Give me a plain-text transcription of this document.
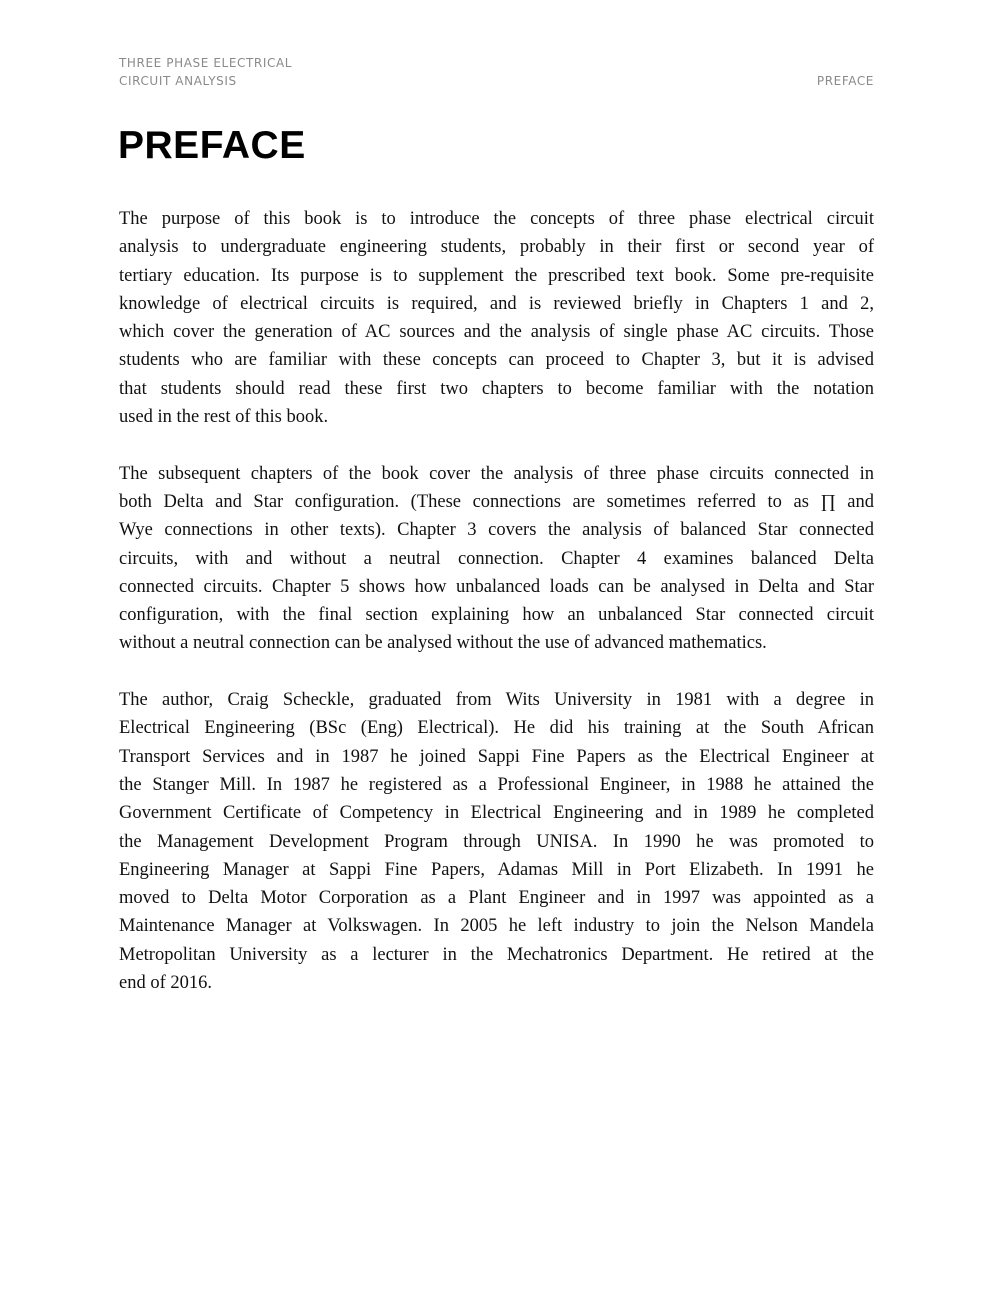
THREE PHASE ELECTRICAL
CIRCUIT ANALYSIS	PREFACE
PREFACE

The purpose of this book is to introduce the concepts of three phase electrical circuit
analysis to undergraduate engineering students, probably in their first or second year of
tertiary education. Its purpose is to supplement the prescribed text book. Some pre-requisite
knowledge of electrical circuits is required, and is reviewed briefly in Chapters 1 and 2,
which cover the generation of AC sources and the analysis of single phase AC circuits. Those
students who are familiar with these concepts can proceed to Chapter 3, but it is advised
that students should read these first two chapters to become familiar with the notation
used in the rest of this book.

The subsequent chapters of the book cover the analysis of three phase circuits connected in
both Delta and Star configuration. (These connections are sometimes referred to as ∏ and
Wye connections in other texts). Chapter 3 covers the analysis of balanced Star connected
circuits, with and without a neutral connection. Chapter 4 examines balanced Delta
connected circuits. Chapter 5 shows how unbalanced loads can be analysed in Delta and Star
configuration, with the final section explaining how an unbalanced Star connected circuit
without a neutral connection can be analysed without the use of advanced mathematics.

The author, Craig Scheckle, graduated from Wits University in 1981 with a degree in
Electrical Engineering (BSc (Eng) Electrical). He did his training at the South African
Transport Services and in 1987 he joined Sappi Fine Papers as the Electrical Engineer at
the Stanger Mill. In 1987 he registered as a Professional Engineer, in 1988 he attained the
Government Certificate of Competency in Electrical Engineering and in 1989 he completed
the Management Development Program through UNISA. In 1990 he was promoted to
Engineering Manager at Sappi Fine Papers, Adamas Mill in Port Elizabeth. In 1991 he
moved to Delta Motor Corporation as a Plant Engineer and in 1997 was appointed as a
Maintenance Manager at Volkswagen. In 2005 he left industry to join the Nelson Mandela
Metropolitan University as a lecturer in the Mechatronics Department. He retired at the
end of 2016.
